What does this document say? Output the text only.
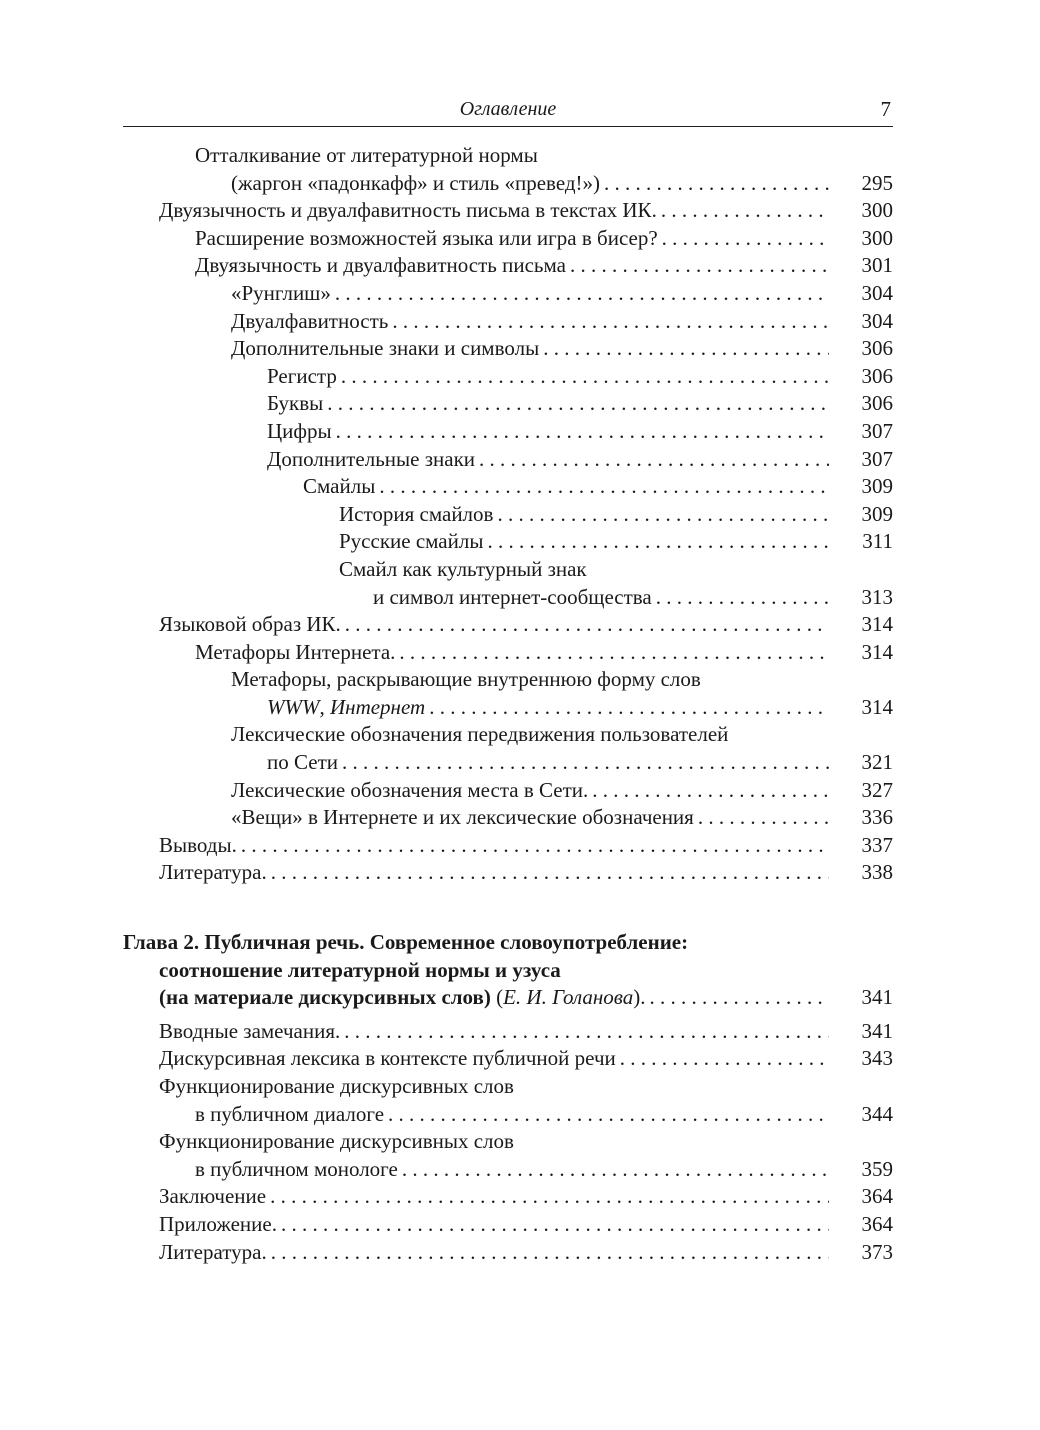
Оглавление	7
Отталкивание от литературной нормы
(жаргон «падонкафф» и стиль «превед!») . . .	295
Двуязычность и двуалфавитность письма в текстах ИК. . . .	300
Расширение возможностей языка или игра в бисер? . . .	300
Двуязычность и двуалфавитность письма . . .	301
«Рунглиш» . . .	304
Двуалфавитность . . .	304
Дополнительные знаки и символы . . .	306
Регистр . . .	306
Буквы . . .	306
Цифры . . .	307
Дополнительные знаки . . .	307
Смайлы . . .	309
История смайлов . . .	309
Русские смайлы . . .	311
Смайл как культурный знак
и символ интернет-сообщества . . .	313
Языковой образ ИК. . . .	314
Метафоры Интернета. . . .	314
Метафоры, раскрывающие внутреннюю форму слов
WWW, Интернет . . .	314
Лексические обозначения передвижения пользователей
по Сети . . .	321
Лексические обозначения места в Сети. . . .	327
«Вещи» в Интернете и их лексические обозначения . . .	336
Выводы. . . .	337
Литература. . . .	338
Глава 2. Публичная речь. Современное словоупотребление:
соотношение литературной нормы и узуса
(на материале дискурсивных слов) (Е. И. Голанова). . . .	341
Вводные замечания. . . .	341
Дискурсивная лексика в контексте публичной речи . . .	343
Функционирование дискурсивных слов
в публичном диалоге . . .	344
Функционирование дискурсивных слов
в публичном монологе . . .	359
Заключение . . .	364
Приложение. . . .	364
Литература. . . .	373
